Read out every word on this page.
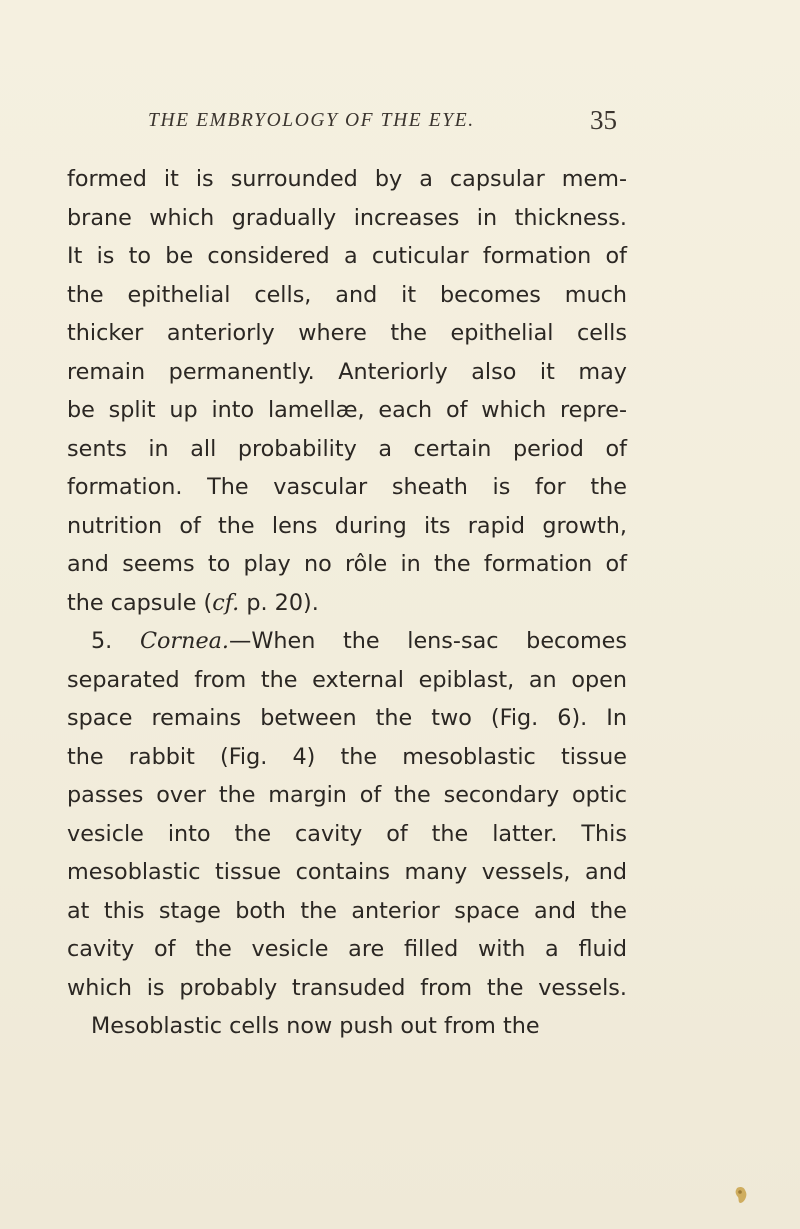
THE EMBRYOLOGY OF THE EYE.	35
formed it is surrounded by a capsular mem-
brane which gradually increases in thickness.
It is to be considered a cuticular formation of
the epithelial cells, and it becomes much
thicker anteriorly where the epithelial cells
remain permanently. Anteriorly also it may
be split up into lamellæ, each of which repre-
sents in all probability a certain period of
formation. The vascular sheath is for the
nutrition of the lens during its rapid growth,
and seems to play no rôle in the formation of
the capsule (cf. p. 20).
5. Cornea.—When the lens-sac becomes
separated from the external epiblast, an open
space remains between the two (Fig. 6). In
the rabbit (Fig. 4) the mesoblastic tissue
passes over the margin of the secondary optic
vesicle into the cavity of the latter. This
mesoblastic tissue contains many vessels, and
at this stage both the anterior space and the
cavity of the vesicle are filled with a fluid
which is probably transuded from the vessels.
Mesoblastic cells now push out from the
